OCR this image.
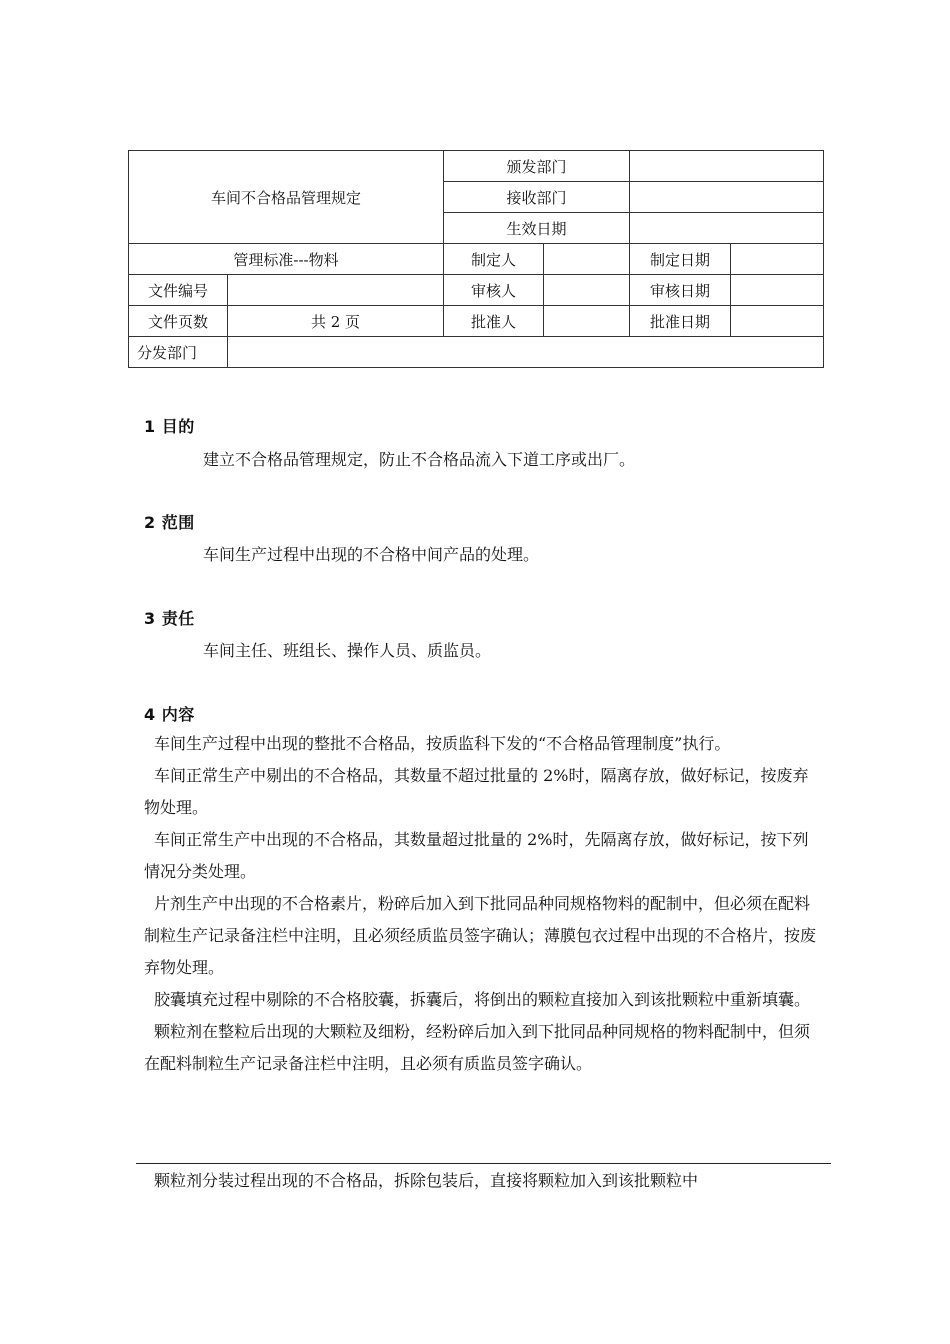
车间不合格品管理规定		颁发部门			
		接收部门			
		生效日期			
管理标准---物料		制定人		制定日期	
文件编号		审核人		审核日期	
文件页数	共 2 页	批准人		批准日期	
分发部门					
1 目的
建立不合格品管理规定，防止不合格品流入下道工序或出厂。
2 范围
车间生产过程中出现的不合格中间产品的处理。
3 责任
车间主任、班组长、操作人员、质监员。
4 内容

车间生产过程中出现的整批不合格品，按质监科下发的“不合格品管理制度”执行。

车间正常生产中剔出的不合格品，其数量不超过批量的 2%时，隔离存放，做好标记，按废弃物处理。

车间正常生产中出现的不合格品，其数量超过批量的 2%时，先隔离存放，做好标记，按下列情况分类处理。

片剂生产中出现的不合格素片，粉碎后加入到下批同品种同规格物料的配制中，但必须在配料制粒生产记录备注栏中注明，且必须经质监员签字确认；薄膜包衣过程中出现的不合格片，按废弃物处理。

胶囊填充过程中剔除的不合格胶囊，拆囊后，将倒出的颗粒直接加入到该批颗粒中重新填囊。

颗粒剂在整粒后出现的大颗粒及细粉，经粉碎后加入到下批同品种同规格的物料配制中，但须在配料制粒生产记录备注栏中注明，且必须有质监员签字确认。

颗粒剂分装过程出现的不合格品，拆除包装后，直接将颗粒加入到该批颗粒中
